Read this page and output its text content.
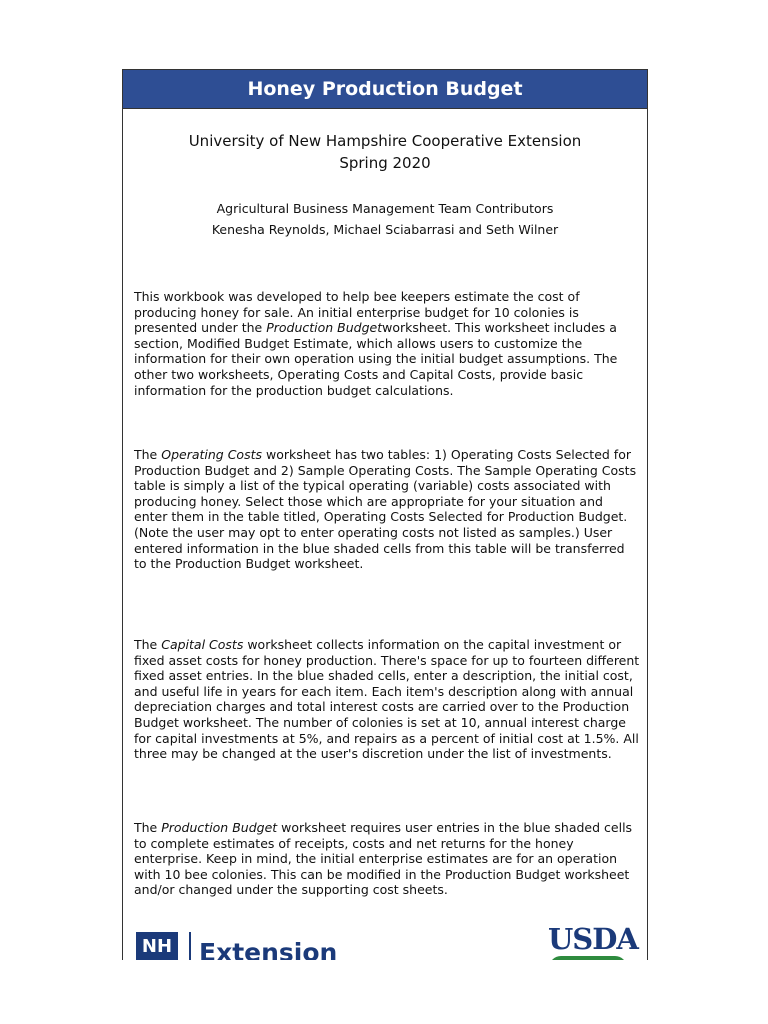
Honey Production Budget
University of New Hampshire Cooperative Extension
Spring 2020
Agricultural Business Management Team Contributors
Kenesha Reynolds, Michael Sciabarrasi and Seth Wilner
This workbook was developed to help bee keepers estimate the cost of producing honey for sale. An initial enterprise budget for 10 colonies is presented under the Production Budgetworksheet. This worksheet includes a section, Modified Budget Estimate, which allows users to customize the information for their own operation using the initial budget assumptions. The other two worksheets, Operating Costs and Capital Costs, provide basic information for the production budget calculations.
The Operating Costs worksheet has two tables: 1) Operating Costs Selected for Production Budget and 2) Sample Operating Costs. The Sample Operating Costs table is simply a list of the typical operating (variable) costs associated with producing honey. Select those which are appropriate for your situation and enter them in the table titled, Operating Costs Selected for Production Budget. (Note the user may opt to enter operating costs not listed as samples.) User entered information in the blue shaded cells from this table will be transferred to the Production Budget worksheet.
The Capital Costs worksheet collects information on the capital investment or fixed asset costs for honey production. There's space for up to fourteen different fixed asset entries. In the blue shaded cells, enter a description, the initial cost, and useful life in years for each item. Each item's description along with annual depreciation charges and total interest costs are carried over to the Production Budget worksheet. The number of colonies is set at 10, annual interest charge for capital investments at 5%, and repairs as a percent of initial cost at 1.5%. All three may be changed at the user's discretion under the list of investments.
The Production Budget worksheet requires user entries in the blue shaded cells to complete estimates of receipts, costs and net returns for the honey enterprise. Keep in mind, the initial enterprise estimates are for an operation with 10 bee colonies. This can be modified in the Production Budget worksheet and/or changed under the supporting cost sheets.
NH Extension	USDA
